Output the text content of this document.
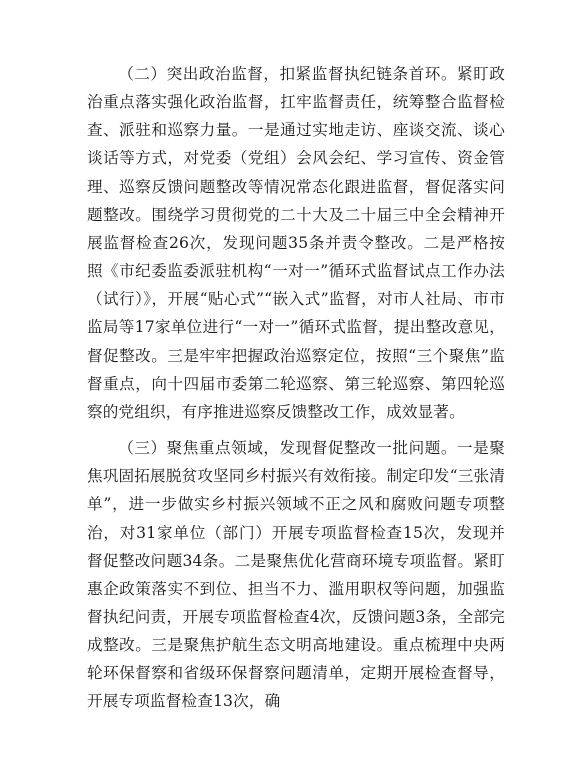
（二）突出政治监督，扣紧监督执纪链条首环。紧盯政治重点落实强化政治监督，扛牢监督责任，统筹整合监督检查、派驻和巡察力量。一是通过实地走访、座谈交流、谈心谈话等方式，对党委（党组）会风会纪、学习宣传、资金管理、巡察反馈问题整改等情况常态化跟进监督，督促落实问题整改。围绕学习贯彻党的二十大及二十届三中全会精神开展监督检查26次，发现问题35条并责令整改。二是严格按照《市纪委监委派驻机构“一对一”循环式监督试点工作办法（试行）》，开展“贴心式”“嵌入式”监督，对市人社局、市市监局等17家单位进行“一对一”循环式监督，提出整改意见，督促整改。三是牢牢把握政治巡察定位，按照“三个聚焦”监督重点，向十四届市委第二轮巡察、第三轮巡察、第四轮巡察的党组织，有序推进巡察反馈整改工作，成效显著。

（三）聚焦重点领域，发现督促整改一批问题。一是聚焦巩固拓展脱贫攻坚同乡村振兴有效衔接。制定印发“三张清单”，进一步做实乡村振兴领域不正之风和腐败问题专项整治，对31家单位（部门）开展专项监督检查15次，发现并督促整改问题34条。二是聚焦优化营商环境专项监督。紧盯惠企政策落实不到位、担当不力、滥用职权等问题，加强监督执纪问责，开展专项监督检查4次，反馈问题3条，全部完成整改。三是聚焦护航生态文明高地建设。重点梳理中央两轮环保督察和省级环保督察问题清单，定期开展检查督导，开展专项监督检查13次，确
